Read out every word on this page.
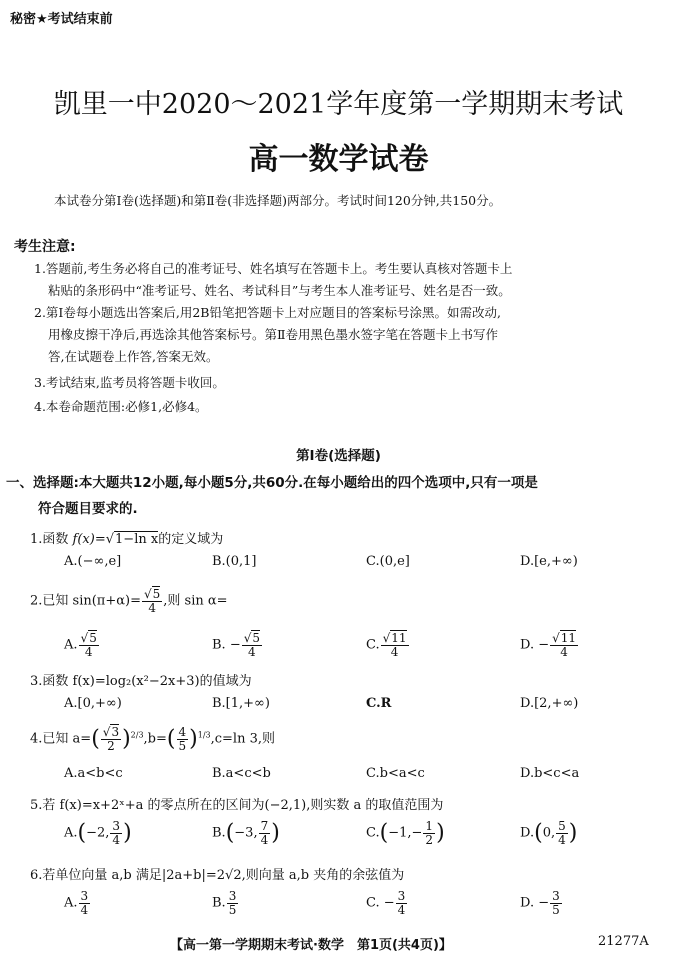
秘密★考试结束前
凯里一中2020～2021学年度第一学期期末考试
高一数学试卷
本试卷分第Ⅰ卷(选择题)和第Ⅱ卷(非选择题)两部分。考试时间120分钟,共150分。
考生注意:
1.答题前,考生务必将自己的准考证号、姓名填写在答题卡上。考生要认真核对答题卡上
粘贴的条形码中“准考证号、姓名、考试科目”与考生本人准考证号、姓名是否一致。
2.第Ⅰ卷每小题选出答案后,用2B铅笔把答题卡上对应题目的答案标号涂黑。如需改动,
用橡皮擦干净后,再选涂其他答案标号。第Ⅱ卷用黑色墨水签字笔在答题卡上书写作
答,在试题卷上作答,答案无效。
3.考试结束,监考员将答题卡收回。
4.本卷命题范围:必修1,必修4。
第Ⅰ卷(选择题)
一、选择题:本大题共12小题,每小题5分,共60分.在每小题给出的四个选项中,只有一项是
符合题目要求的.
1.函数 f(x)=√1−ln x的定义域为
A.(−∞,e]	B.(0,1]	C.(0,e]	D.[e,+∞)
2.已知 $\sin(\pi+\alpha)= \frac{√5}{4}$ ,则 sin α=
A. $\frac{√5}{4}$	B. − $\frac{√5}{4}$	C. $\frac{√11}{4}$	D. − $\frac{√11}{4}$
3.函数 f(x)=log₂(x²−2x+3)的值域为
A.[0,+∞)	B.[1,+∞)	C.R	D.[2,+∞)
4.已知 $a=( \frac{√3}{2} )^{2/3},b=( \frac{4}{5} )^{1/3},c=\ln$ 3,则
A.a<b<c	B.a<c<b	C.b<a<c	D.b<c<a
5.若 f(x)=x+2ˣ+a 的零点所在的区间为(−2,1),则实数 a 的取值范围为
A.(−2, $\frac{3}{4}$ )	B.(−3, $\frac{7}{4}$ )	$C.(-1,- \frac{1}{2}$ )	D.(0, $\frac{5}{4}$ )
6.若单位向量 a,b 满足|2a+b|=2√2,则向量 a,b 夹角的余弦值为
A. $\frac{3}{4}$	B. $\frac{3}{5}$	C. − $\frac{3}{4}$	D. − $\frac{3}{5}$
【高一第一学期期末考试·数学　第1页(共4页)】	21277A
